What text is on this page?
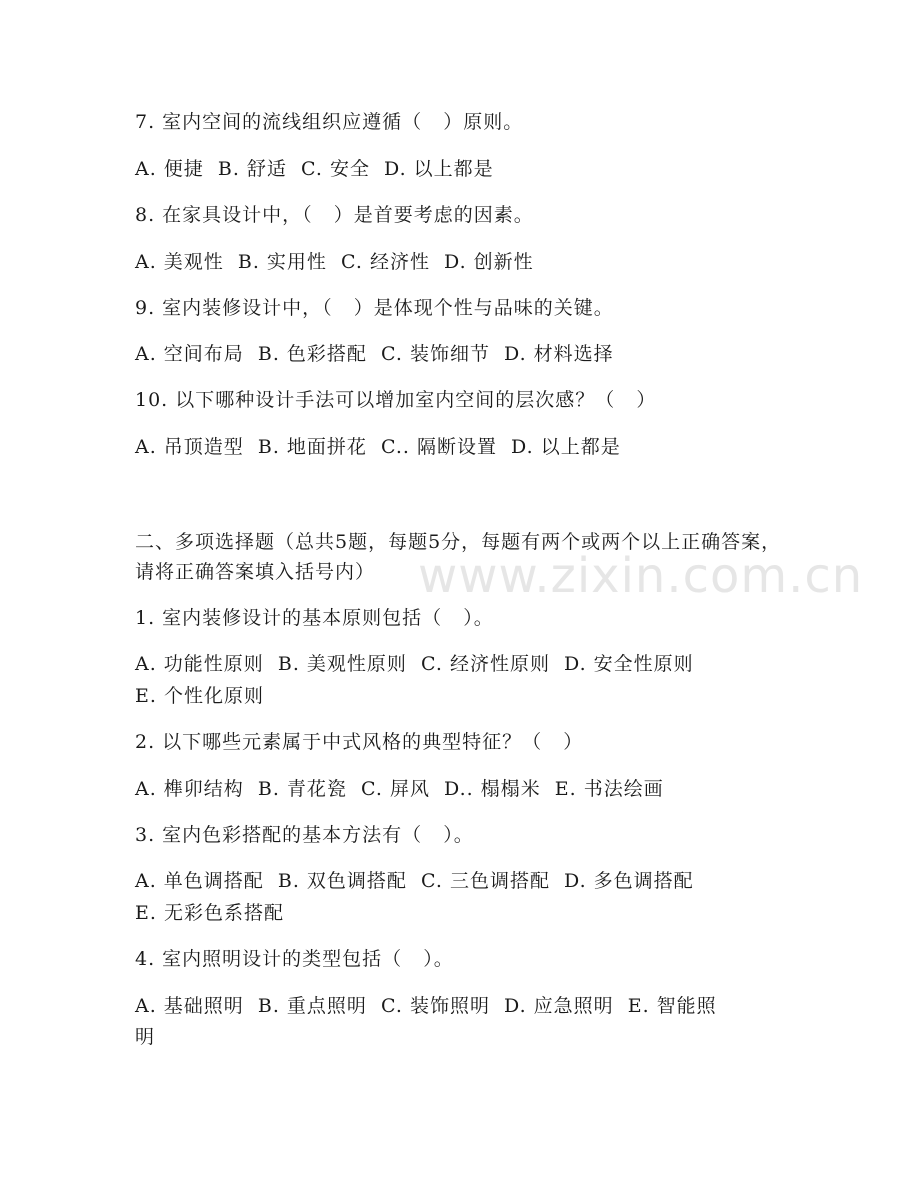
www.zixin.com.cn
7. 室内空间的流线组织应遵循（   ）原则。
A. 便捷  B. 舒适  C. 安全  D. 以上都是
8. 在家具设计中，（   ）是首要考虑的因素。
A. 美观性  B. 实用性  C. 经济性  D. 创新性
9. 室内装修设计中，（   ）是体现个性与品味的关键。
A. 空间布局  B. 色彩搭配  C. 装饰细节  D. 材料选择
10. 以下哪种设计手法可以增加室内空间的层次感？（   ）
A. 吊顶造型  B. 地面拼花  C.. 隔断设置  D. 以上都是
二、多项选择题（总共5题，每题5分，每题有两个或两个以上正确答案，请将正确答案填入括号内）
1. 室内装修设计的基本原则包括（   ）。
A. 功能性原则  B. 美观性原则  C. 经济性原则  D. 安全性原则
E. 个性化原则
2. 以下哪些元素属于中式风格的典型特征？（   ）
A. 榫卯结构  B. 青花瓷  C. 屏风  D.. 榻榻米  E. 书法绘画
3. 室内色彩搭配的基本方法有（   ）。
A. 单色调搭配  B. 双色调搭配  C. 三色调搭配  D. 多色调搭配
E. 无彩色系搭配
4. 室内照明设计的类型包括（   ）。
A. 基础照明  B. 重点照明  C. 装饰照明  D. 应急照明  E. 智能照
明
